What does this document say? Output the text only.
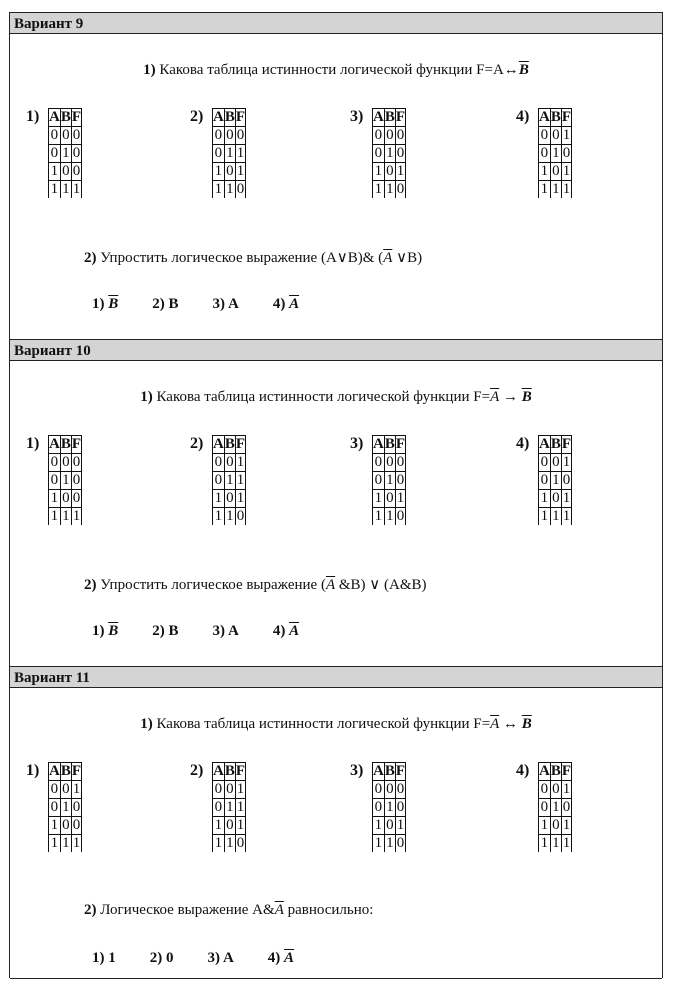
Вариант 9
1) Какова таблица истинности логической функции $F=A\leftrightarrow\overline{B}$
1) A	B	F
0	0	0
0	1	0
1	0	0
1	1	1
2) A	B	F
0	0	0
0	1	1
1	0	1
1	1	0
3) A	B	F
0	0	0
0	1	0
1	0	1
1	1	0
4) A	B	F
0	0	1
0	1	0
1	0	1
1	1	1
2) Упростить логическое выражение (A∨B)& ($\overline{A}$ ∨B)
1) $\overline{B}$ 2) B 3) A 4) $\overline{A}$
Вариант 10
1) Какова таблица истинности логической функции $F=\overline{A} \to \overline{B}$
1) A	B	F
0	0	0
0	1	0
1	0	0
1	1	1
2) A	B	F
0	0	1
0	1	1
1	0	1
1	1	0
3) A	B	F
0	0	0
0	1	0
1	0	1
1	1	0
4) A	B	F
0	0	1
0	1	0
1	0	1
1	1	1
2) Упростить логическое выражение ($\overline{A}$ &B) ∨ (A&B)
1) $\overline{B}$ 2) B 3) A 4) $\overline{A}$
Вариант 11
1) Какова таблица истинности логической функции $F=\overline{A}$ ↔ $\overline{B}$
1) A	B	F
0	0	1
0	1	0
1	0	0
1	1	1
2) A	B	F
0	0	1
0	1	1
1	0	1
1	1	0
3) A	B	F
0	0	0
0	1	0
1	0	1
1	1	0
4) A	B	F
0	0	1
0	1	0
1	0	1
1	1	1
2) Логическое выражение $A\&\overline{A}$ равносильно:
1) 1 2) 0 3) A 4) $\overline{A}$
